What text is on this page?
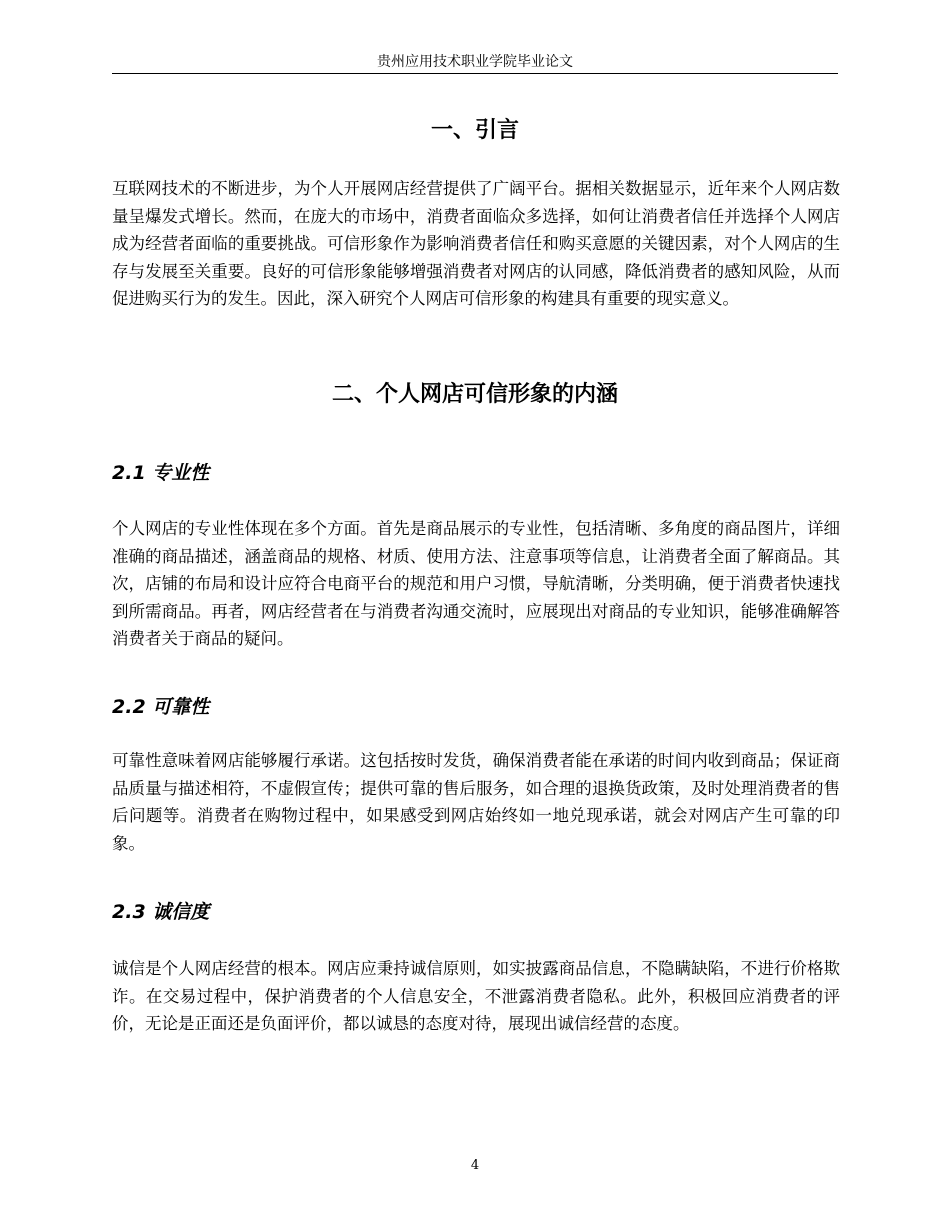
贵州应用技术职业学院毕业论文
一、引言

互联网技术的不断进步，为个人开展网店经营提供了广阔平台。据相关数据显示，近年来个人网店数量呈爆发式增长。然而，在庞大的市场中，消费者面临众多选择，如何让消费者信任并选择个人网店成为经营者面临的重要挑战。可信形象作为影响消费者信任和购买意愿的关键因素，对个人网店的生存与发展至关重要。良好的可信形象能够增强消费者对网店的认同感，降低消费者的感知风险，从而促进购买行为的发生。因此，深入研究个人网店可信形象的构建具有重要的现实意义。

二、个人网店可信形象的内涵
2.1 专业性

个人网店的专业性体现在多个方面。首先是商品展示的专业性，包括清晰、多角度的商品图片，详细准确的商品描述，涵盖商品的规格、材质、使用方法、注意事项等信息，让消费者全面了解商品。其次，店铺的布局和设计应符合电商平台的规范和用户习惯，导航清晰，分类明确，便于消费者快速找到所需商品。再者，网店经营者在与消费者沟通交流时，应展现出对商品的专业知识，能够准确解答消费者关于商品的疑问。

2.2 可靠性

可靠性意味着网店能够履行承诺。这包括按时发货，确保消费者能在承诺的时间内收到商品；保证商品质量与描述相符，不虚假宣传；提供可靠的售后服务，如合理的退换货政策，及时处理消费者的售后问题等。消费者在购物过程中，如果感受到网店始终如一地兑现承诺，就会对网店产生可靠的印象。

2.3 诚信度

诚信是个人网店经营的根本。网店应秉持诚信原则，如实披露商品信息，不隐瞒缺陷，不进行价格欺诈。在交易过程中，保护消费者的个人信息安全，不泄露消费者隐私。此外，积极回应消费者的评价，无论是正面还是负面评价，都以诚恳的态度对待，展现出诚信经营的态度。

4
